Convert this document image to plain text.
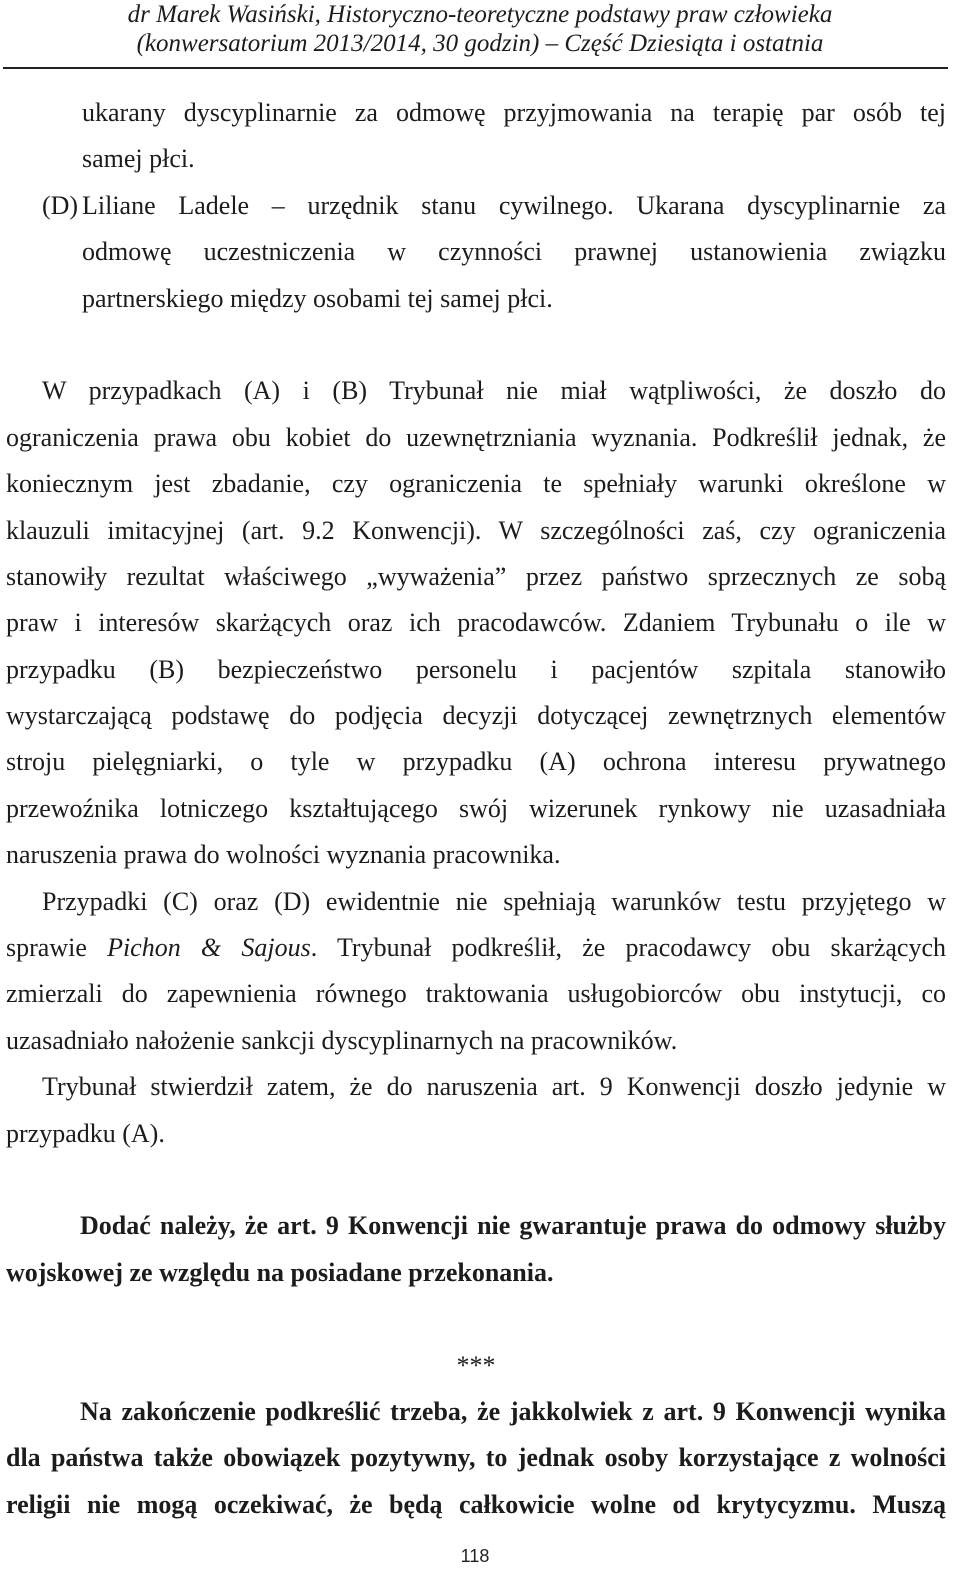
dr Marek Wasiński, Historyczno-teoretyczne podstawy praw człowieka
(konwersatorium 2013/2014, 30 godzin) – Część Dziesiąta i ostatnia
ukarany dyscyplinarnie za odmowę przyjmowania na terapię par osób tej
samej płci.
(D) Liliane Ladele – urzędnik stanu cywilnego. Ukarana dyscyplinarnie za
odmowę uczestniczenia w czynności prawnej ustanowienia związku
partnerskiego między osobami tej samej płci.
W przypadkach (A) i (B) Trybunał nie miał wątpliwości, że doszło do
ograniczenia prawa obu kobiet do uzewnętrzniania wyznania. Podkreślił jednak, że
koniecznym jest zbadanie, czy ograniczenia te spełniały warunki określone w
klauzuli imitacyjnej (art. 9.2 Konwencji). W szczególności zaś, czy ograniczenia
stanowiły rezultat właściwego „wyważenia” przez państwo sprzecznych ze sobą
praw i interesów skarżących oraz ich pracodawców. Zdaniem Trybunału o ile w
przypadku (B) bezpieczeństwo personelu i pacjentów szpitala stanowiło
wystarczającą podstawę do podjęcia decyzji dotyczącej zewnętrznych elementów
stroju pielęgniarki, o tyle w przypadku (A) ochrona interesu prywatnego
przewoźnika lotniczego kształtującego swój wizerunek rynkowy nie uzasadniała
naruszenia prawa do wolności wyznania pracownika.
Przypadki (C) oraz (D) ewidentnie nie spełniają warunków testu przyjętego w
sprawie Pichon & Sajous. Trybunał podkreślił, że pracodawcy obu skarżących
zmierzali do zapewnienia równego traktowania usługobiorców obu instytucji, co
uzasadniało nałożenie sankcji dyscyplinarnych na pracowników.
Trybunał stwierdził zatem, że do naruszenia art. 9 Konwencji doszło jedynie w
przypadku (A).
Dodać należy, że art. 9 Konwencji nie gwarantuje prawa do odmowy służby
wojskowej ze względu na posiadane przekonania.
***
Na zakończenie podkreślić trzeba, że jakkolwiek z art. 9 Konwencji wynika
dla państwa także obowiązek pozytywny, to jednak osoby korzystające z wolności
religii nie mogą oczekiwać, że będą całkowicie wolne od krytycyzmu. Muszą
118
